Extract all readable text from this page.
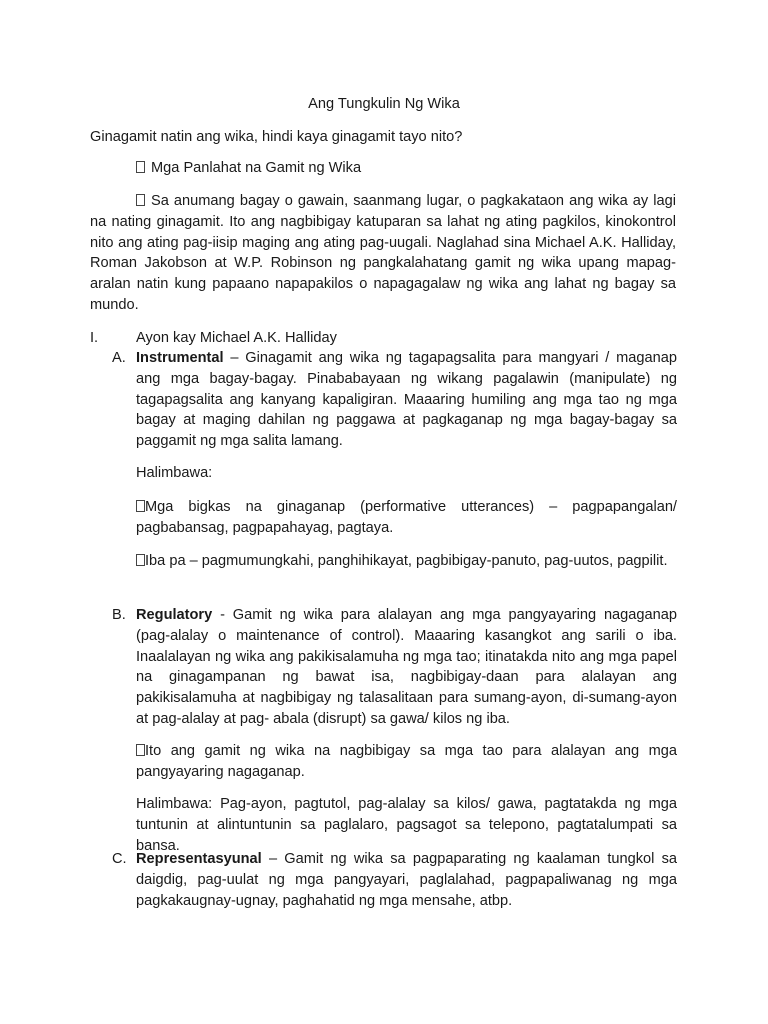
Ang Tungkulin Ng Wika
Ginagamit natin ang wika, hindi kaya ginagamit tayo nito?
Mga Panlahat na Gamit ng Wika
Sa anumang bagay o gawain, saanmang lugar, o pagkakataon ang wika ay lagi na nating ginagamit. Ito ang nagbibigay katuparan sa lahat ng ating pagkilos, kinokontrol nito ang ating pag-iisip maging ang ating pag-uugali. Naglahad sina Michael A.K. Halliday, Roman Jakobson at W.P. Robinson ng pangkalahatang gamit ng wika upang mapag-aralan natin kung papaano napapakilos o napagagalaw ng wika ang lahat ng bagay sa mundo.
I.	Ayon kay Michael A.K. Halliday
A. Instrumental – Ginagamit ang wika ng tagapagsalita para mangyari / maganap ang mga bagay-bagay. Pinababayaan ng wikang pagalawin (manipulate) ng tagapagsalita ang kanyang kapaligiran. Maaaring humiling ang mga tao ng mga bagay at maging dahilan ng paggawa at pagkaganap ng mga bagay-bagay sa paggamit ng mga salita lamang.
Halimbawa:
Mga bigkas na ginaganap (performative utterances) – pagpapangalan/ pagbabansag, pagpapahayag, pagtaya.
Iba pa – pagmumungkahi, panghihikayat, pagbibigay-panuto, pag-uutos, pagpilit.
B. Regulatory - Gamit ng wika para alalayan ang mga pangyayaring nagaganap (pag-alalay o maintenance of control). Maaaring kasangkot ang sarili o iba. Inaalalayan ng wika ang pakikisalamuha ng mga tao; itinatakda nito ang mga papel na ginagampanan ng bawat isa, nagbibigay-daan para alalayan ang pakikisalamuha at nagbibigay ng talasalitaan para sumang-ayon, di-sumang-ayon at pag-alalay at pag- abala (disrupt) sa gawa/ kilos ng iba.
Ito ang gamit ng wika na nagbibigay sa mga tao para alalayan ang mga pangyayaring nagaganap.
Halimbawa: Pag-ayon, pagtutol, pag-alalay sa kilos/ gawa, pagtatakda ng mga tuntunin at alintuntunin sa paglalaro, pagsagot sa telepono, pagtatalumpati sa bansa.
C. Representasyunal – Gamit ng wika sa pagpaparating ng kaalaman tungkol sa daigdig, pag-uulat ng mga pangyayari, paglalahad, pagpapaliwanag ng mga pagkakaugnay-ugnay, paghahatid ng mga mensahe, atbp.
